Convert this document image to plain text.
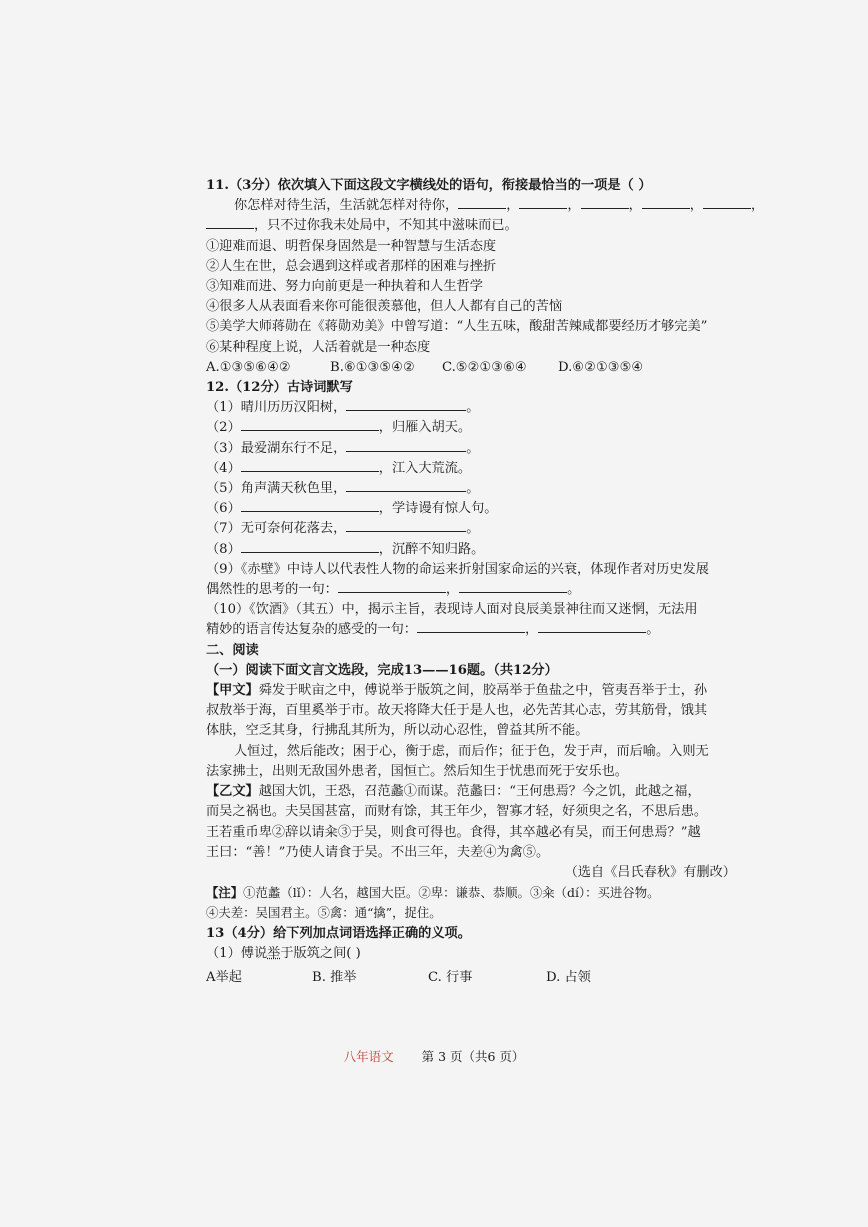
11.（3分）依次填入下面这段文字横线处的语句，衔接最恰当的一项是（ ）
你怎样对待生活，生活就怎样对待你，	，	，	，	，	，
，只不过你我未处局中，不知其中滋味而已。
①迎难而退、明哲保身固然是一种智慧与生活态度
②人生在世，总会遇到这样或者那样的困难与挫折
③知难而进、努力向前更是一种执着和人生哲学
④很多人从表面看来你可能很羡慕他，但人人都有自己的苦恼
⑤美学大师蒋勋在《蒋勋劝美》中曾写道：“人生五味，酸甜苦辣咸都要经历才够完美”
⑥某种程度上说，人活着就是一种态度
A.①③⑤⑥④②	B.⑥①③⑤④② C.⑤②①③⑥④ D.⑥②①③⑤④
12.（12分）古诗词默写
（1）晴川历历汉阳树，	。
（2）	，归雁入胡天。
（3）最爱湖东行不足，	。
（4）	，江入大荒流。
（5）角声满天秋色里，	。
（6）	，学诗谩有惊人句。
（7）无可奈何花落去，	。
（8）	，沉醉不知归路。
（9）《赤壁》中诗人以代表性人物的命运来折射国家命运的兴衰，体现作者对历史发展
偶然性的思考的一句：	，	。
（10）《饮酒》（其五）中，揭示主旨，表现诗人面对良辰美景神往而又迷惘，无法用
精妙的语言传达复杂的感受的一句：	，	。
二、阅读
（一）阅读下面文言文选段，完成13——16题。（共12分）
【甲文】舜发于畎亩之中，傅说举于版筑之间，胶鬲举于鱼盐之中，管夷吾举于士，孙
叔敖举于海，百里奚举于市。故天将降大任于是人也，必先苦其心志，劳其筋骨，饿其
体肤，空乏其身，行拂乱其所为，所以动心忍性，曾益其所不能。
人恒过，然后能改；困于心，衡于虑，而后作；征于色，发于声，而后喻。入则无
法家拂士，出则无敌国外患者，国恒亡。然后知生于忧患而死于安乐也。
【乙文】越国大饥，王恐，召范蠡①而谋。范蠡曰：“王何患焉？今之饥，此越之福，
而吴之祸也。夫吴国甚富，而财有馀，其王年少，智寡才轻，好须臾之名，不思后患。
王若重币卑②辞以请籴③于吴，则食可得也。食得，其卒越必有吴，而王何患焉？”越
王曰：“善！”乃使人请食于吴。不出三年，夫差④为禽⑤。
（选自《吕氏春秋》有删改）
【注】①范蠡（lǐ）：人名，越国大臣。②卑：谦恭、恭顺。③籴（dí）：买进谷物。
④夫差：吴国君主。⑤禽：通“擒”，捉住。
13（4分）给下列加点词语选择正确的义项。
（1）傅说举于版筑之间( )
A举起	B. 推举	C. 行事	D. 占领
八年语文 第 3 页（共6 页）
